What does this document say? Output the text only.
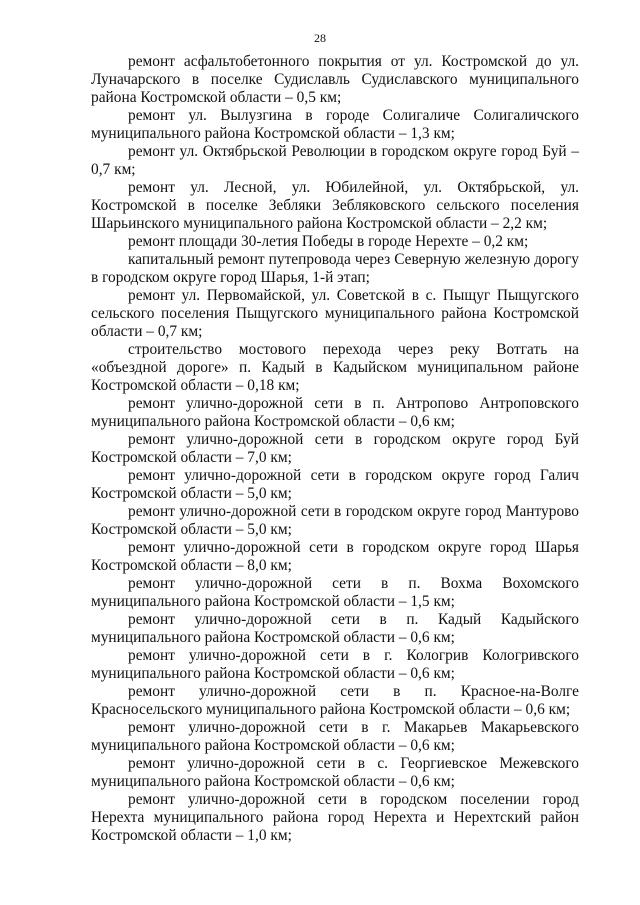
28

ремонт асфальтобетонного покрытия от ул. Костромской до ул. Луначарского в поселке Судиславль Судиславского муниципального района Костромской области – 0,5 км;

ремонт ул. Вылузгина в городе Солигаличе Солигаличского муниципального района Костромской области – 1,3 км;

ремонт ул. Октябрьской Революции в городском округе город Буй – 0,7 км;

ремонт ул. Лесной, ул. Юбилейной, ул. Октябрьской, ул. Костромской в поселке Зебляки Зебляковского сельского поселения Шарьинского муниципального района Костромской области – 2,2 км;

ремонт площади 30-летия Победы в городе Нерехте – 0,2 км;

капитальный ремонт путепровода через Северную железную дорогу в городском округе город Шарья, 1-й этап;

ремонт ул. Первомайской, ул. Советской в с. Пыщуг Пыщугского сельского поселения Пыщугского муниципального района Костромской области – 0,7 км;

строительство мостового перехода через реку Вотгать на «объездной дороге» п. Кадый в Кадыйском муниципальном районе Костромской области – 0,18 км;

ремонт улично-дорожной сети в п. Антропово Антроповского муниципального района Костромской области – 0,6 км;

ремонт улично-дорожной сети в городском округе город Буй Костромской области – 7,0 км;

ремонт улично-дорожной сети в городском округе город Галич Костромской области – 5,0 км;

ремонт улично-дорожной сети в городском округе город Мантурово Костромской области – 5,0 км;

ремонт улично-дорожной сети в городском округе город Шарья Костромской области – 8,0 км;

ремонт улично-дорожной сети в п. Вохма Вохомского муниципального района Костромской области – 1,5 км;

ремонт улично-дорожной сети в п. Кадый Кадыйского муниципального района Костромской области – 0,6 км;

ремонт улично-дорожной сети в г. Кологрив Кологривского муниципального района Костромской области – 0,6 км;

ремонт улично-дорожной сети в п. Красное-на-Волге Красносельского муниципального района Костромской области – 0,6 км;

ремонт улично-дорожной сети в г. Макарьев Макарьевского муниципального района Костромской области – 0,6 км;

ремонт улично-дорожной сети в с. Георгиевское Межевского муниципального района Костромской области – 0,6 км;

ремонт улично-дорожной сети в городском поселении город Нерехта муниципального района город Нерехта и Нерехтский район Костромской области – 1,0 км;
